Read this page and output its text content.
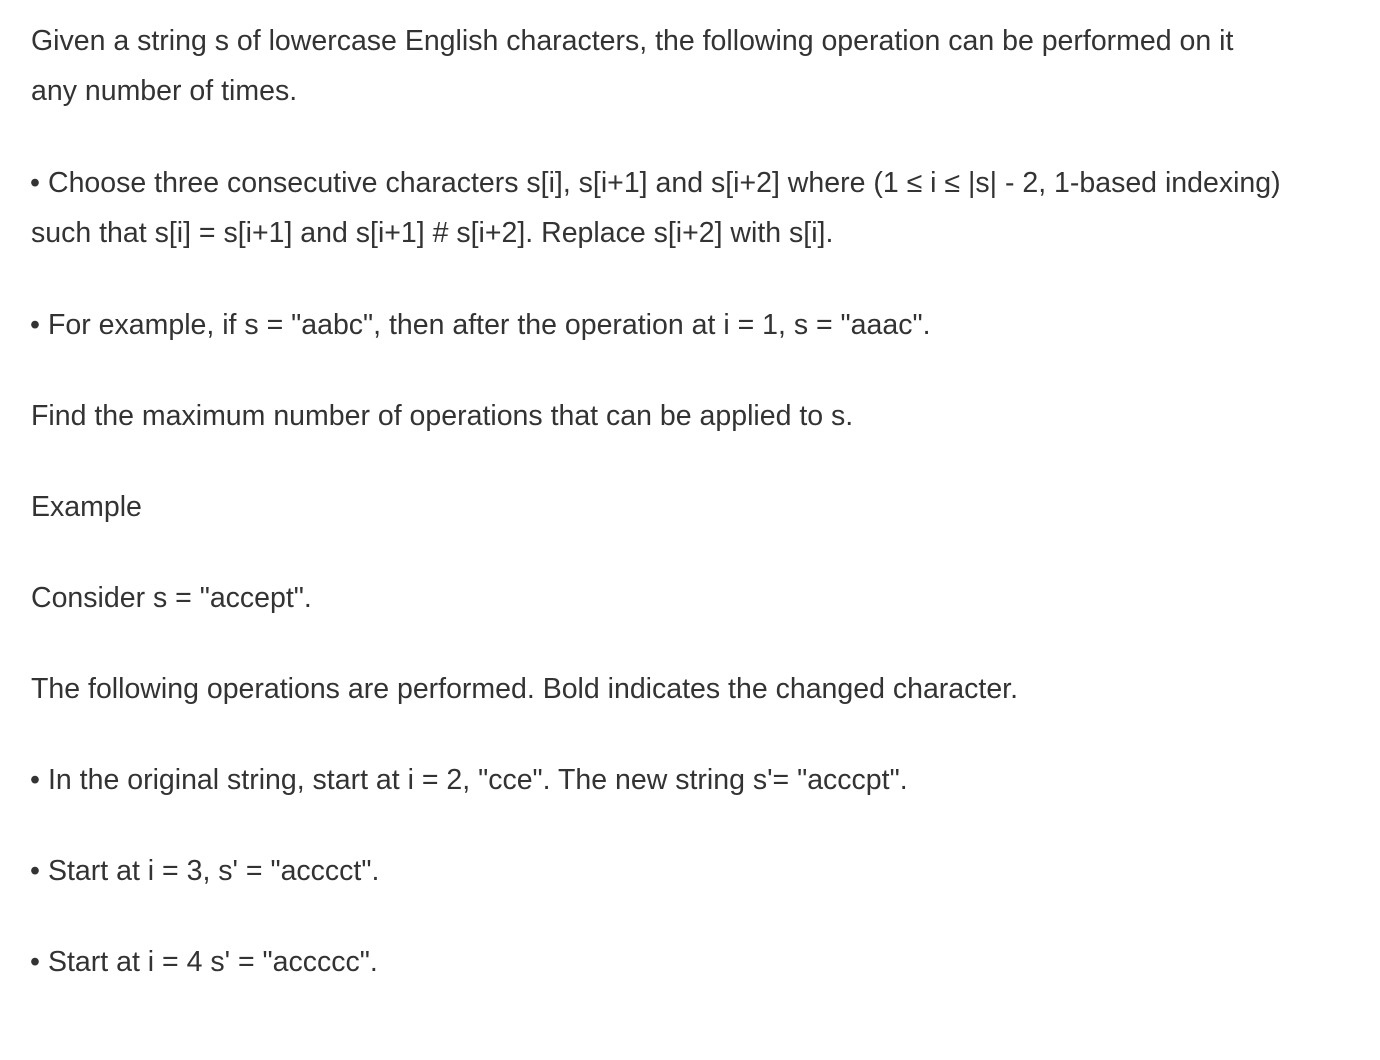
Given a string s of lowercase English characters, the following operation can be performed on it
any number of times.
• Choose three consecutive characters s[i], s[i+1] and s[i+2] where (1 ≤ i ≤ |s| - 2, 1-based indexing)
such that s[i] = s[i+1] and s[i+1] # s[i+2]. Replace s[i+2] with s[i].
• For example, if s = "aabc", then after the operation at i = 1, s = "aaac".
Find the maximum number of operations that can be applied to s.
Example
Consider s = "accept".
The following operations are performed. Bold indicates the changed character.
• In the original string, start at i = 2, "cce". The new string s'= "acccpt".
• Start at i = 3, s' = "acccct".
• Start at i = 4 s' = "accccc".
